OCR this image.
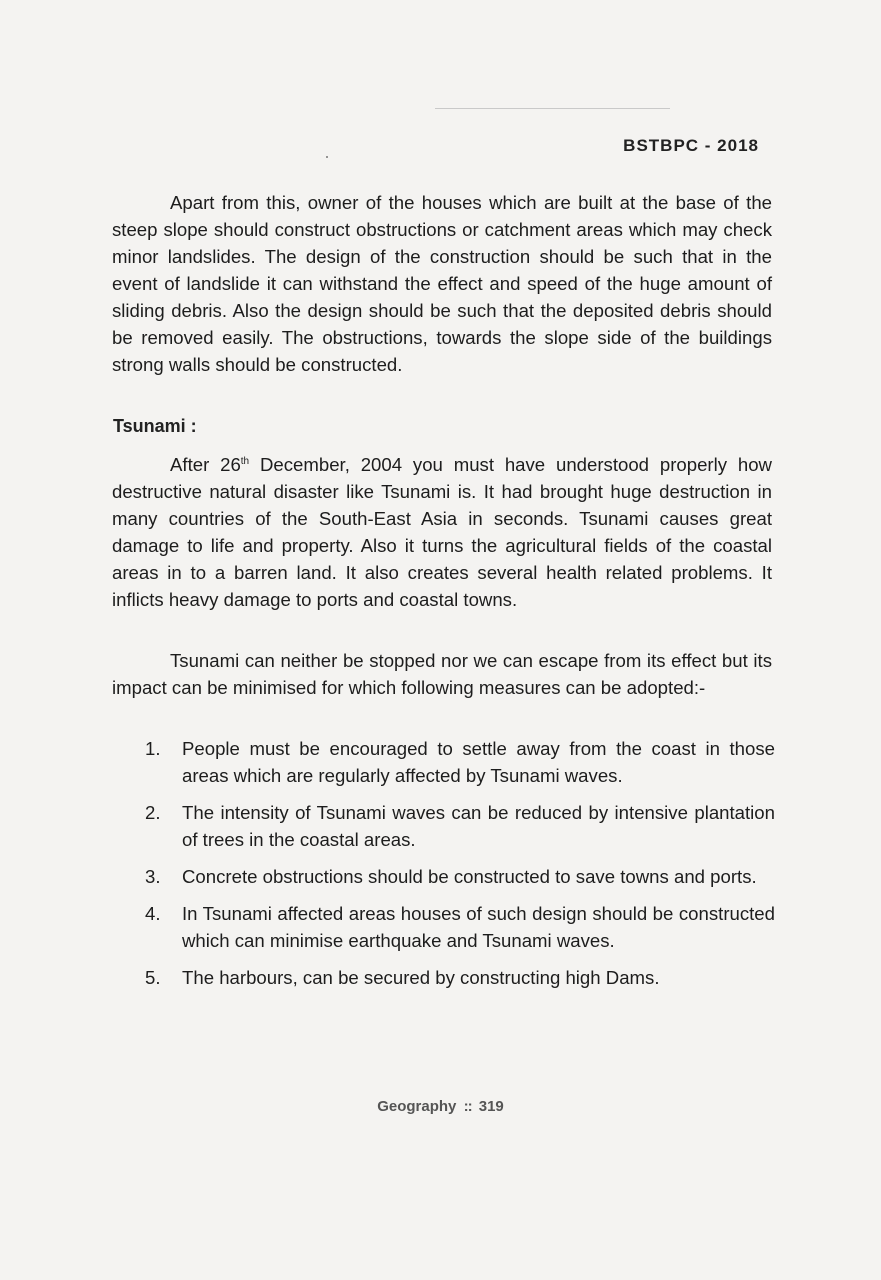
BSTBPC - 2018

Apart from this, owner of the houses which are built at the base of the steep slope should construct obstructions or catchment areas which may check minor landslides. The design of the construction should be such that in the event of landslide it can withstand the effect and speed of the huge amount of sliding debris. Also the design should be such that the deposited debris should be removed easily. The obstructions, towards the slope side of the buildings strong walls should be constructed.

Tsunami :

After 26th December, 2004 you must have understood properly how destructive natural disaster like Tsunami is. It had brought huge destruction in many countries of the South-East Asia in seconds. Tsunami causes great damage to life and property. Also it turns the agricultural fields of the coastal areas in to a barren land. It also creates several health related problems. It inflicts heavy damage to ports and coastal towns.

Tsunami can neither be stopped nor we can escape from its effect but its impact can be minimised for which following measures can be adopted:-

1. People must be encouraged to settle away from the coast in those areas which are regularly affected by Tsunami waves.
2. The intensity of Tsunami waves can be reduced by intensive plantation of trees in the coastal areas.
3. Concrete obstructions should be constructed to save towns and ports.
4. In Tsunami affected areas houses of such design should be constructed which can minimise earthquake and Tsunami waves.
5. The harbours, can be secured by constructing high Dams.
Geography :: 319
